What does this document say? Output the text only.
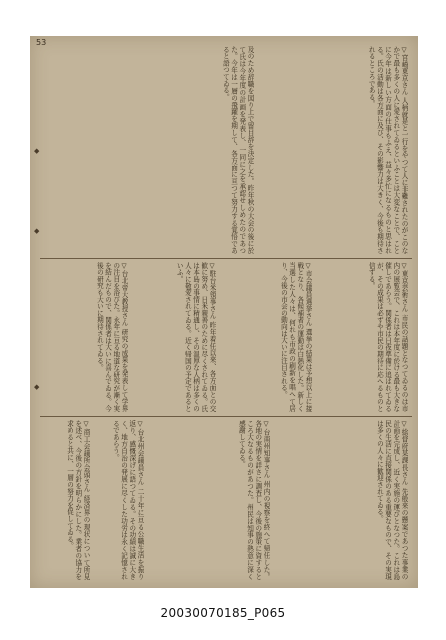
53
◆
◆
◆
▽宮崎東京さん 人柄就是と一行をやつて人に非難されたのがこのなかで最も多くの人に愛されてゐるといふことは大変なことで、ことに今年は新しい方面の仕事もふえ、益々多忙になるものと思はれる。氏の活動は各方面に及び、その影響力は大きく、今後も期待されるところである。
及のため辞職を図り上で留目辞を決定した。昨年秋の大会の後に於て氏は今年度の計画を発表し、一同に之を承認せしめたのであつた。今年は一層の飛躍を期して、各方面に亘つて努力する覚悟であると語つてゐる。
▽東京芸術さん 市民の話題となつてゐるのは市内の展覧会で、これは本年度に於ける最も大きな催しであらう。関係者は日夜準備に追はれてゐるが、その成果は必ずや市民の期待に応へるものと信ずる。
▽市会議員選挙さん 選挙の結果は予想以上に接戦となり、各候補者の運動は白熱化した。新しく当選した人々は、何れも市政の刷新を唱へて居り、今後の市会の動向は大いに注目される。
▽駐台米領事さん 昨年着任以来、各方面との交歓に努め、日米親善のために尽くされてゐる。氏は本島の事情に精通し、その温厚な人柄は多くの人々に敬愛されてゐる。近く帰国の予定であるといふ。
▽台北帝大教授さん 研究の成果を発表して学界の注目を浴びた。永年に亘る地道な研究が漸く実を結んだもので、関係者は大いに喜んでゐる。今後の研究も大いに期待されてゐる。
▽総督府某課長さん 先般来の懸案であつた事業の計画を完成し、近く実施の運びとなつた。これは島民の生活に直接関係のある重要なもので、その実現は多くの人々に歓迎されてゐる。
▽台南州知事さん 州内の視察を終へて帰任した。各地の実情を詳さに調査し、今後の施策に資するところ大なるものがあつた。州民は知事の熱意に深く感謝してゐる。
▽台北州会議員さん 二十年に亘る公職生活を振り返り、感慨深げに語つてゐる。その功績は誠に大きく、地方自治の発展に尽くした功労は永く記憶されるであらう。
▽商工会議所会頭さん 経済界の現状について所見を述べ、今後の方針を明らかにした。業者の協力を求めると共に、一層の努力を促してゐる。
20030070185_P065
